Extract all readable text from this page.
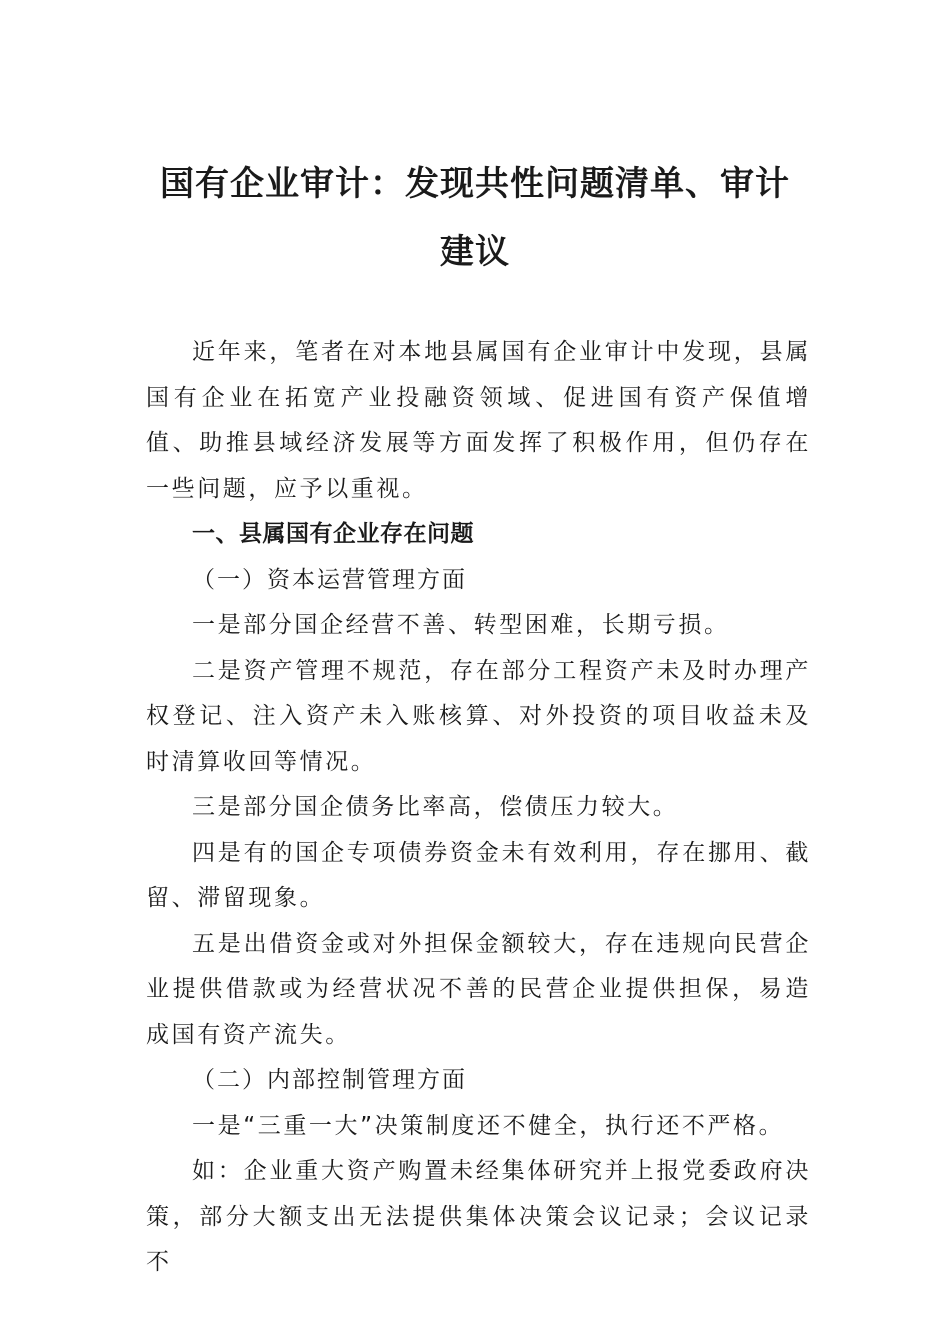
国有企业审计：发现共性问题清单、审计
建议

近年来，笔者在对本地县属国有企业审计中发现，县属国有企业在拓宽产业投融资领域、促进国有资产保值增值、助推县域经济发展等方面发挥了积极作用，但仍存在一些问题，应予以重视。

一、县属国有企业存在问题

（一）资本运营管理方面

一是部分国企经营不善、转型困难，长期亏损。

二是资产管理不规范，存在部分工程资产未及时办理产权登记、注入资产未入账核算、对外投资的项目收益未及时清算收回等情况。

三是部分国企债务比率高，偿债压力较大。

四是有的国企专项债券资金未有效利用，存在挪用、截留、滞留现象。

五是出借资金或对外担保金额较大，存在违规向民营企业提供借款或为经营状况不善的民营企业提供担保，易造成国有资产流失。

（二）内部控制管理方面

一是“三重一大”决策制度还不健全，执行还不严格。

如：企业重大资产购置未经集体研究并上报党委政府决策，部分大额支出无法提供集体决策会议记录；会议记录不
